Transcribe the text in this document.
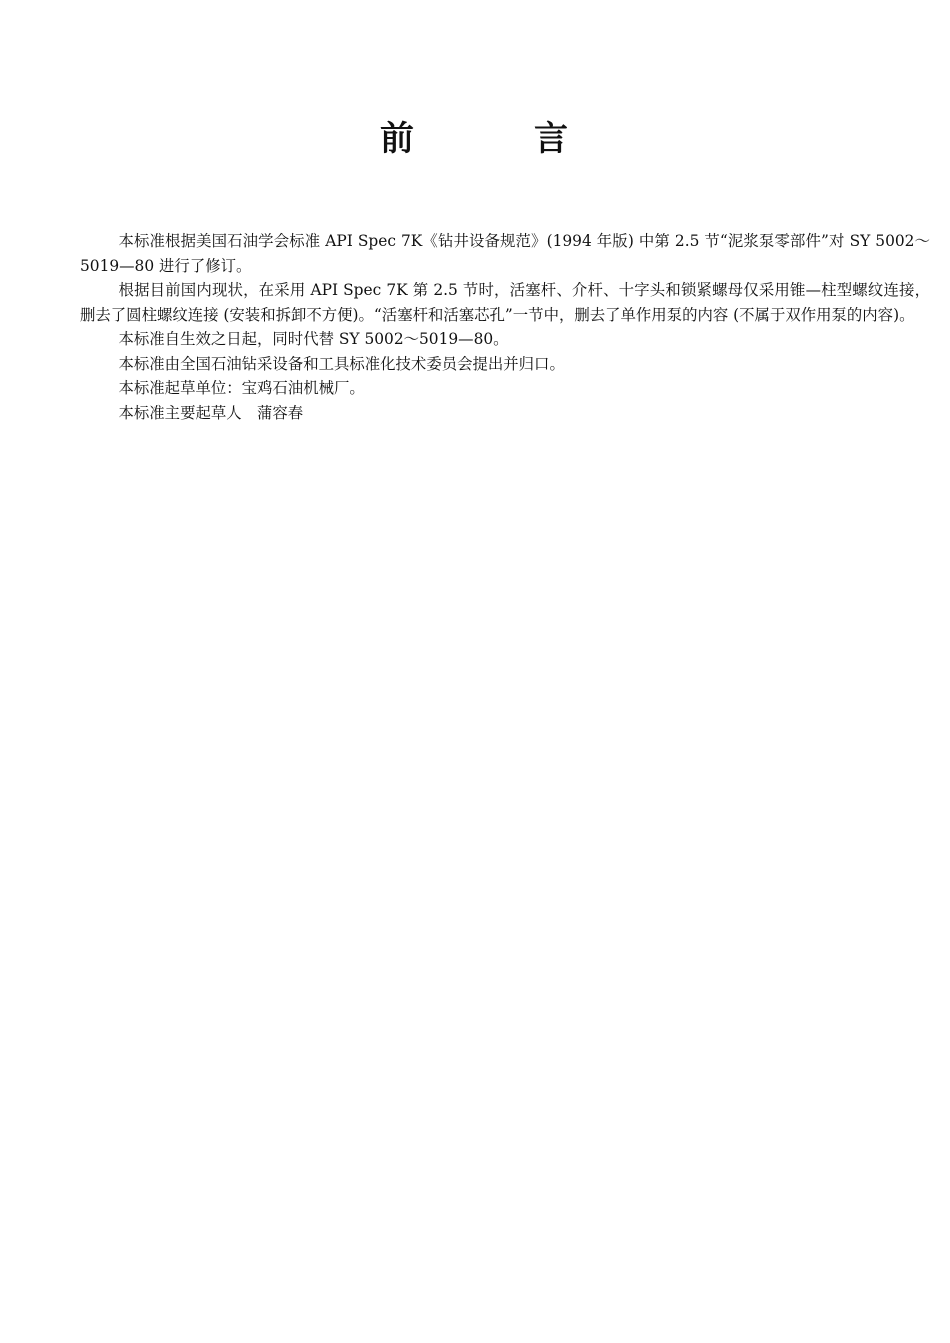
前	言

本标准根据美国石油学会标准 API Spec 7K《钻井设备规范》(1994 年版) 中第 2.5 节“泥浆泵零部件”对 SY 5002～5019—80 进行了修订。

根据目前国内现状，在采用 API Spec 7K 第 2.5 节时，活塞杆、介杆、十字头和锁紧螺母仅采用锥—柱型螺纹连接，删去了圆柱螺纹连接 (安装和拆卸不方便)。“活塞杆和活塞芯孔”一节中，删去了单作用泵的内容 (不属于双作用泵的内容)。

本标准自生效之日起，同时代替 SY 5002～5019—80。

本标准由全国石油钻采设备和工具标准化技术委员会提出并归口。

本标准起草单位：宝鸡石油机械厂。

本标准主要起草人　蒲容春
